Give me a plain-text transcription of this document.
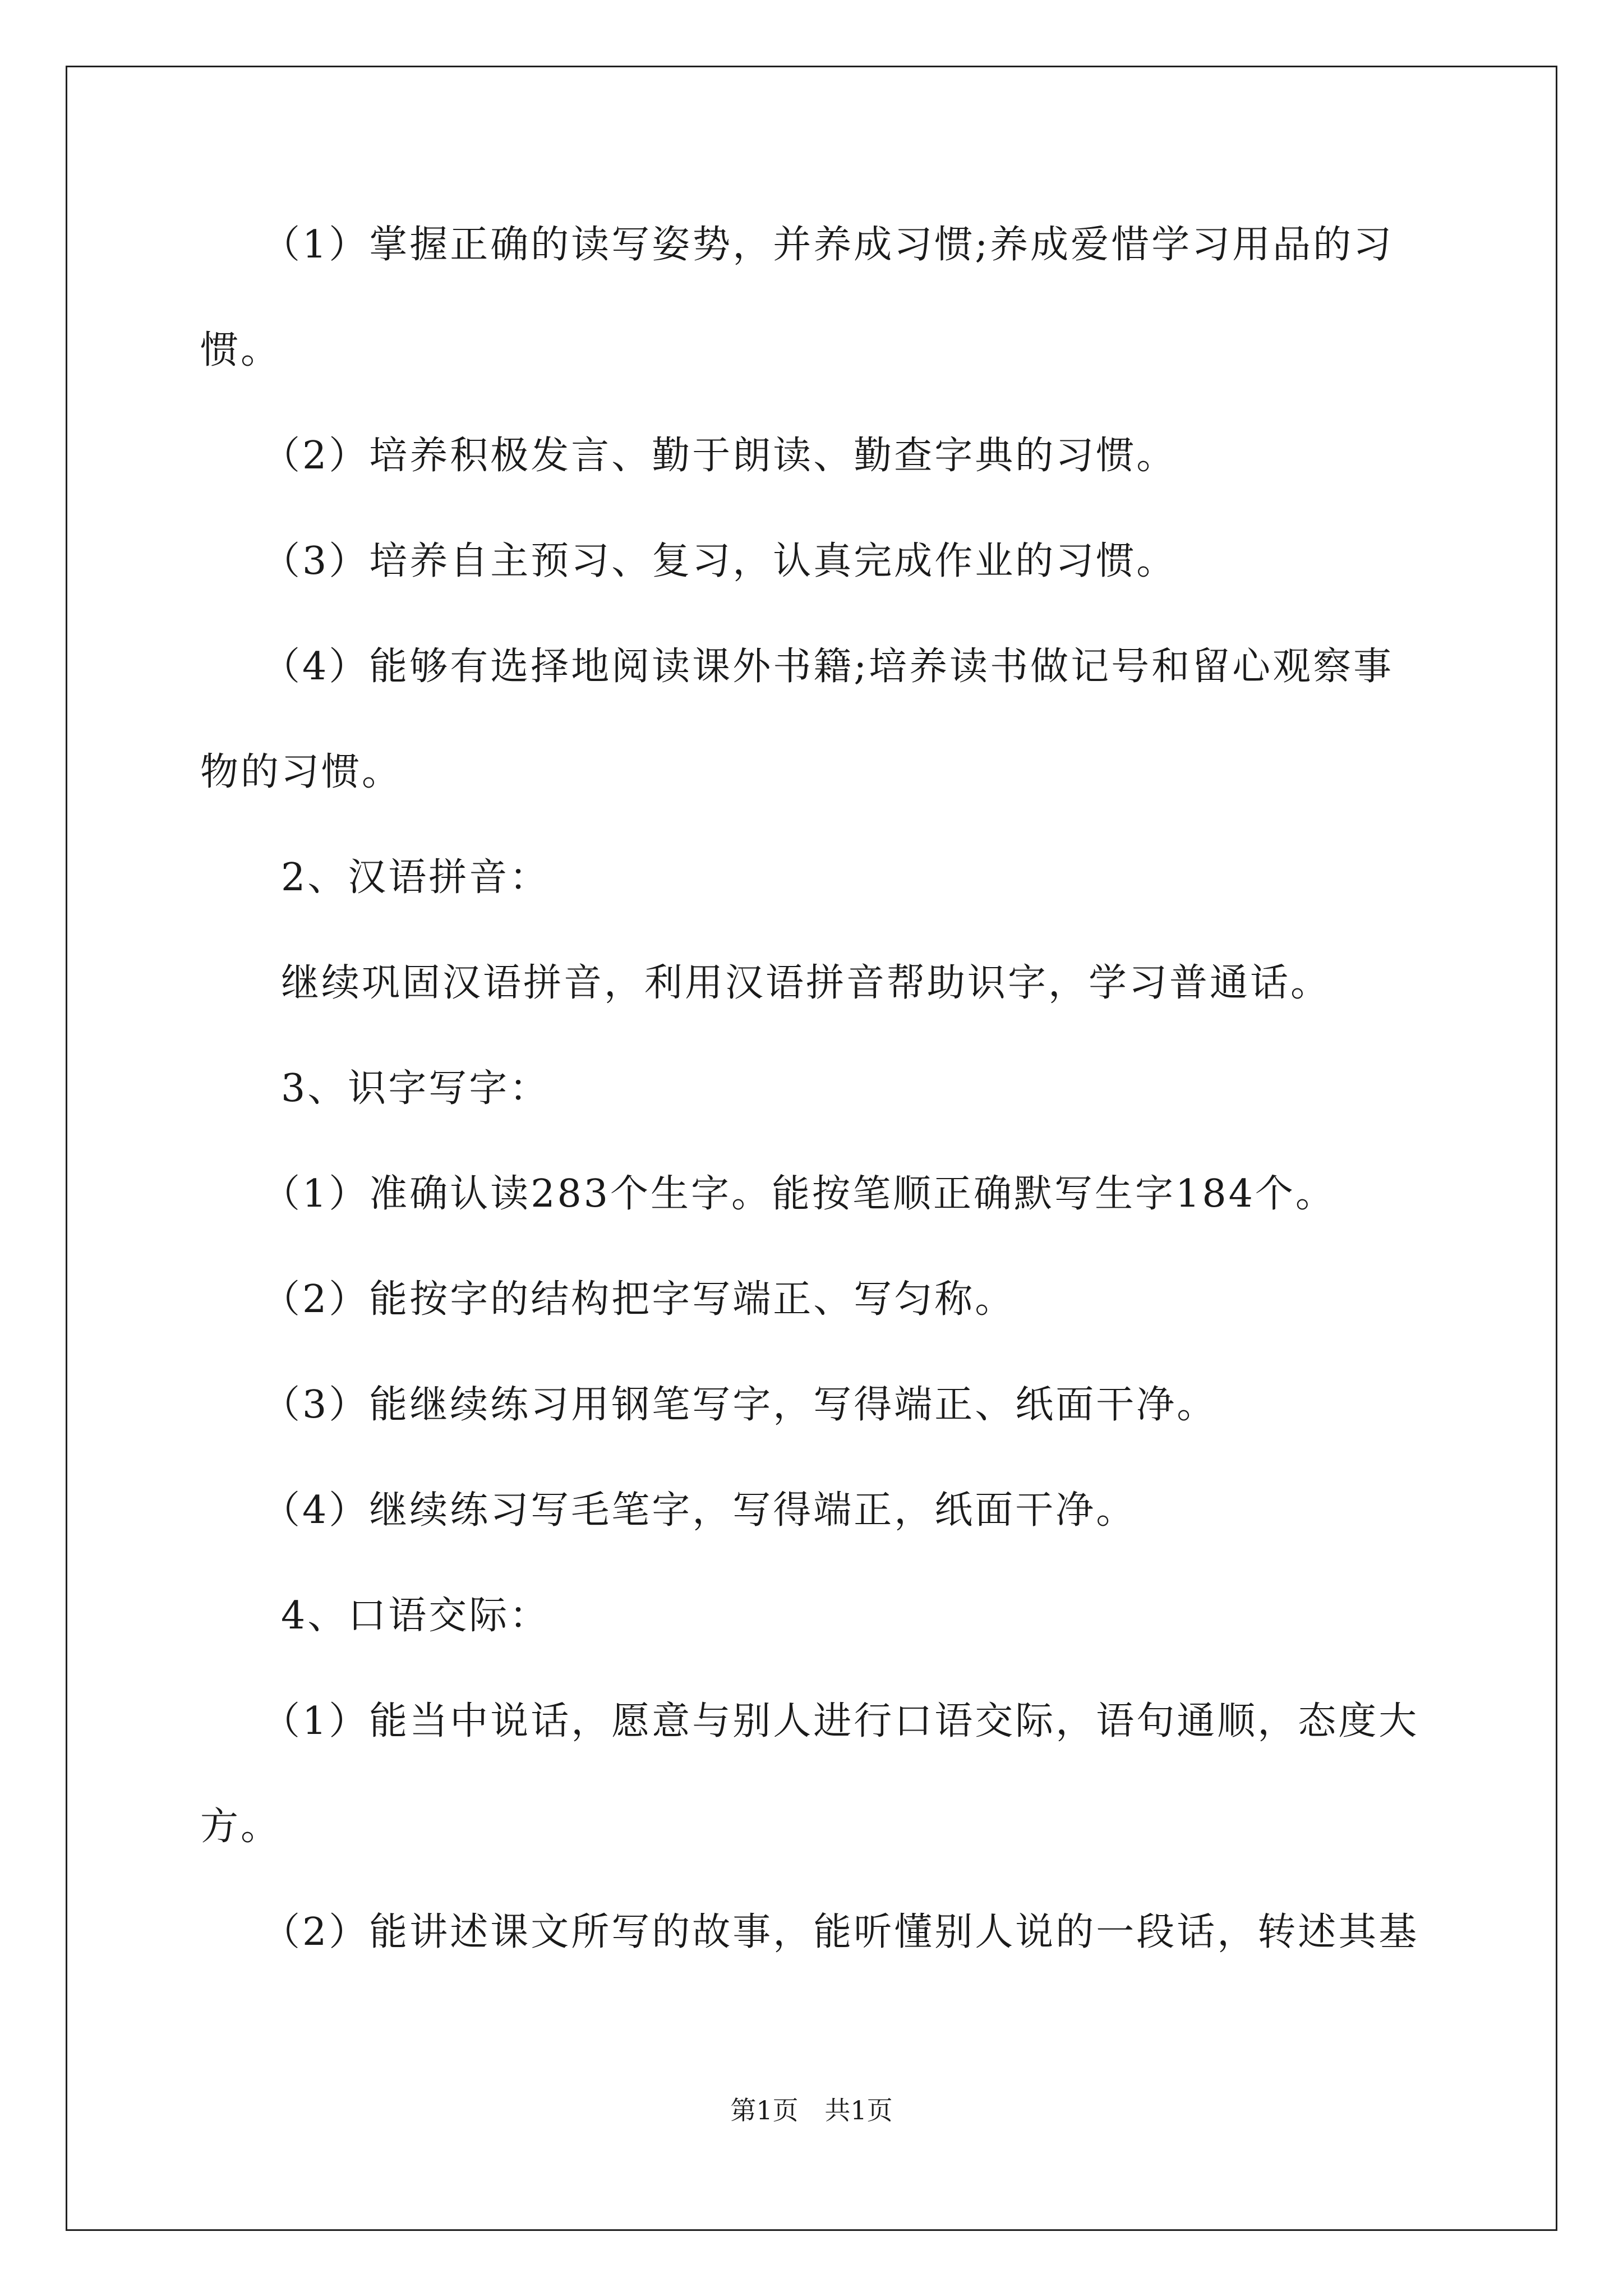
　　（1）掌握正确的读写姿势，并养成习惯;养成爱惜学习用品的习
惯。
　　（2）培养积极发言、勤于朗读、勤查字典的习惯。
　　（3）培养自主预习、复习，认真完成作业的习惯。
　　（4）能够有选择地阅读课外书籍;培养读书做记号和留心观察事
物的习惯。
　　2、汉语拼音：
　　继续巩固汉语拼音，利用汉语拼音帮助识字，学习普通话。
　　3、识字写字：
　　（1）准确认读283个生字。能按笔顺正确默写生字184个。
　　（2）能按字的结构把字写端正、写匀称。
　　（3）能继续练习用钢笔写字，写得端正、纸面干净。
　　（4）继续练习写毛笔字，写得端正，纸面干净。
　　4、口语交际：
　　（1）能当中说话，愿意与别人进行口语交际，语句通顺，态度大
方。
　　（2）能讲述课文所写的故事，能听懂别人说的一段话，转述其基
第1页 共1页
